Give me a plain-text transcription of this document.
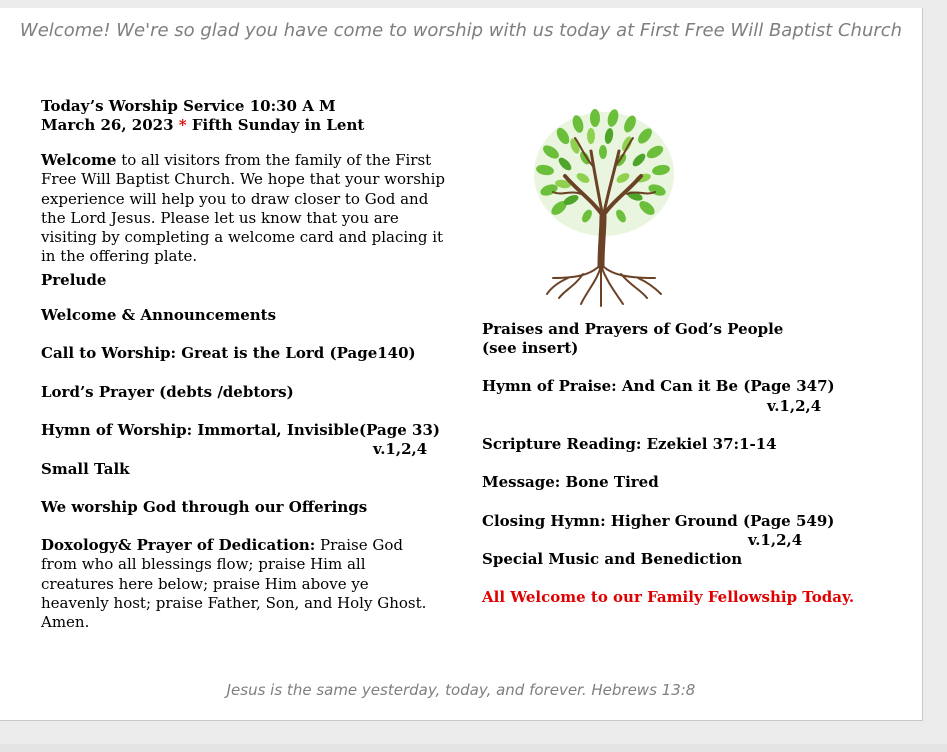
Welcome! We're so glad you have come to worship with us today at First Free Will Baptist Church
Today’s Worship Service 10:30 A M
March 26, 2023 * Fifth Sunday in Lent
Welcome to all visitors from the family of the First Free Will Baptist Church. We hope that your worship experience will help you to draw closer to God and the Lord Jesus. Please let us know that you are visiting by completing a welcome card and placing it in the offering plate.
Prelude
Welcome & Announcements
Call to Worship: Great is the Lord (Page140)
Lord’s Prayer (debts /debtors)
Hymn of Worship: Immortal, Invisible(Page 33)
v.1,2,4
Small Talk
We worship God through our Offerings
Doxology& Prayer of Dedication: Praise God from who all blessings flow; praise Him all creatures here below; praise Him above ye heavenly host; praise Father, Son, and Holy Ghost. Amen.
Praises and Prayers of God’s People
(see insert)
Hymn of Praise: And Can it Be (Page 347)
v.1,2,4
Scripture Reading: Ezekiel 37:1-14
Message: Bone Tired
Closing Hymn: Higher Ground (Page 549)
v.1,2,4
Special Music and Benediction
All Welcome to our Family Fellowship Today.
Jesus is the same yesterday, today, and forever. Hebrews 13:8
